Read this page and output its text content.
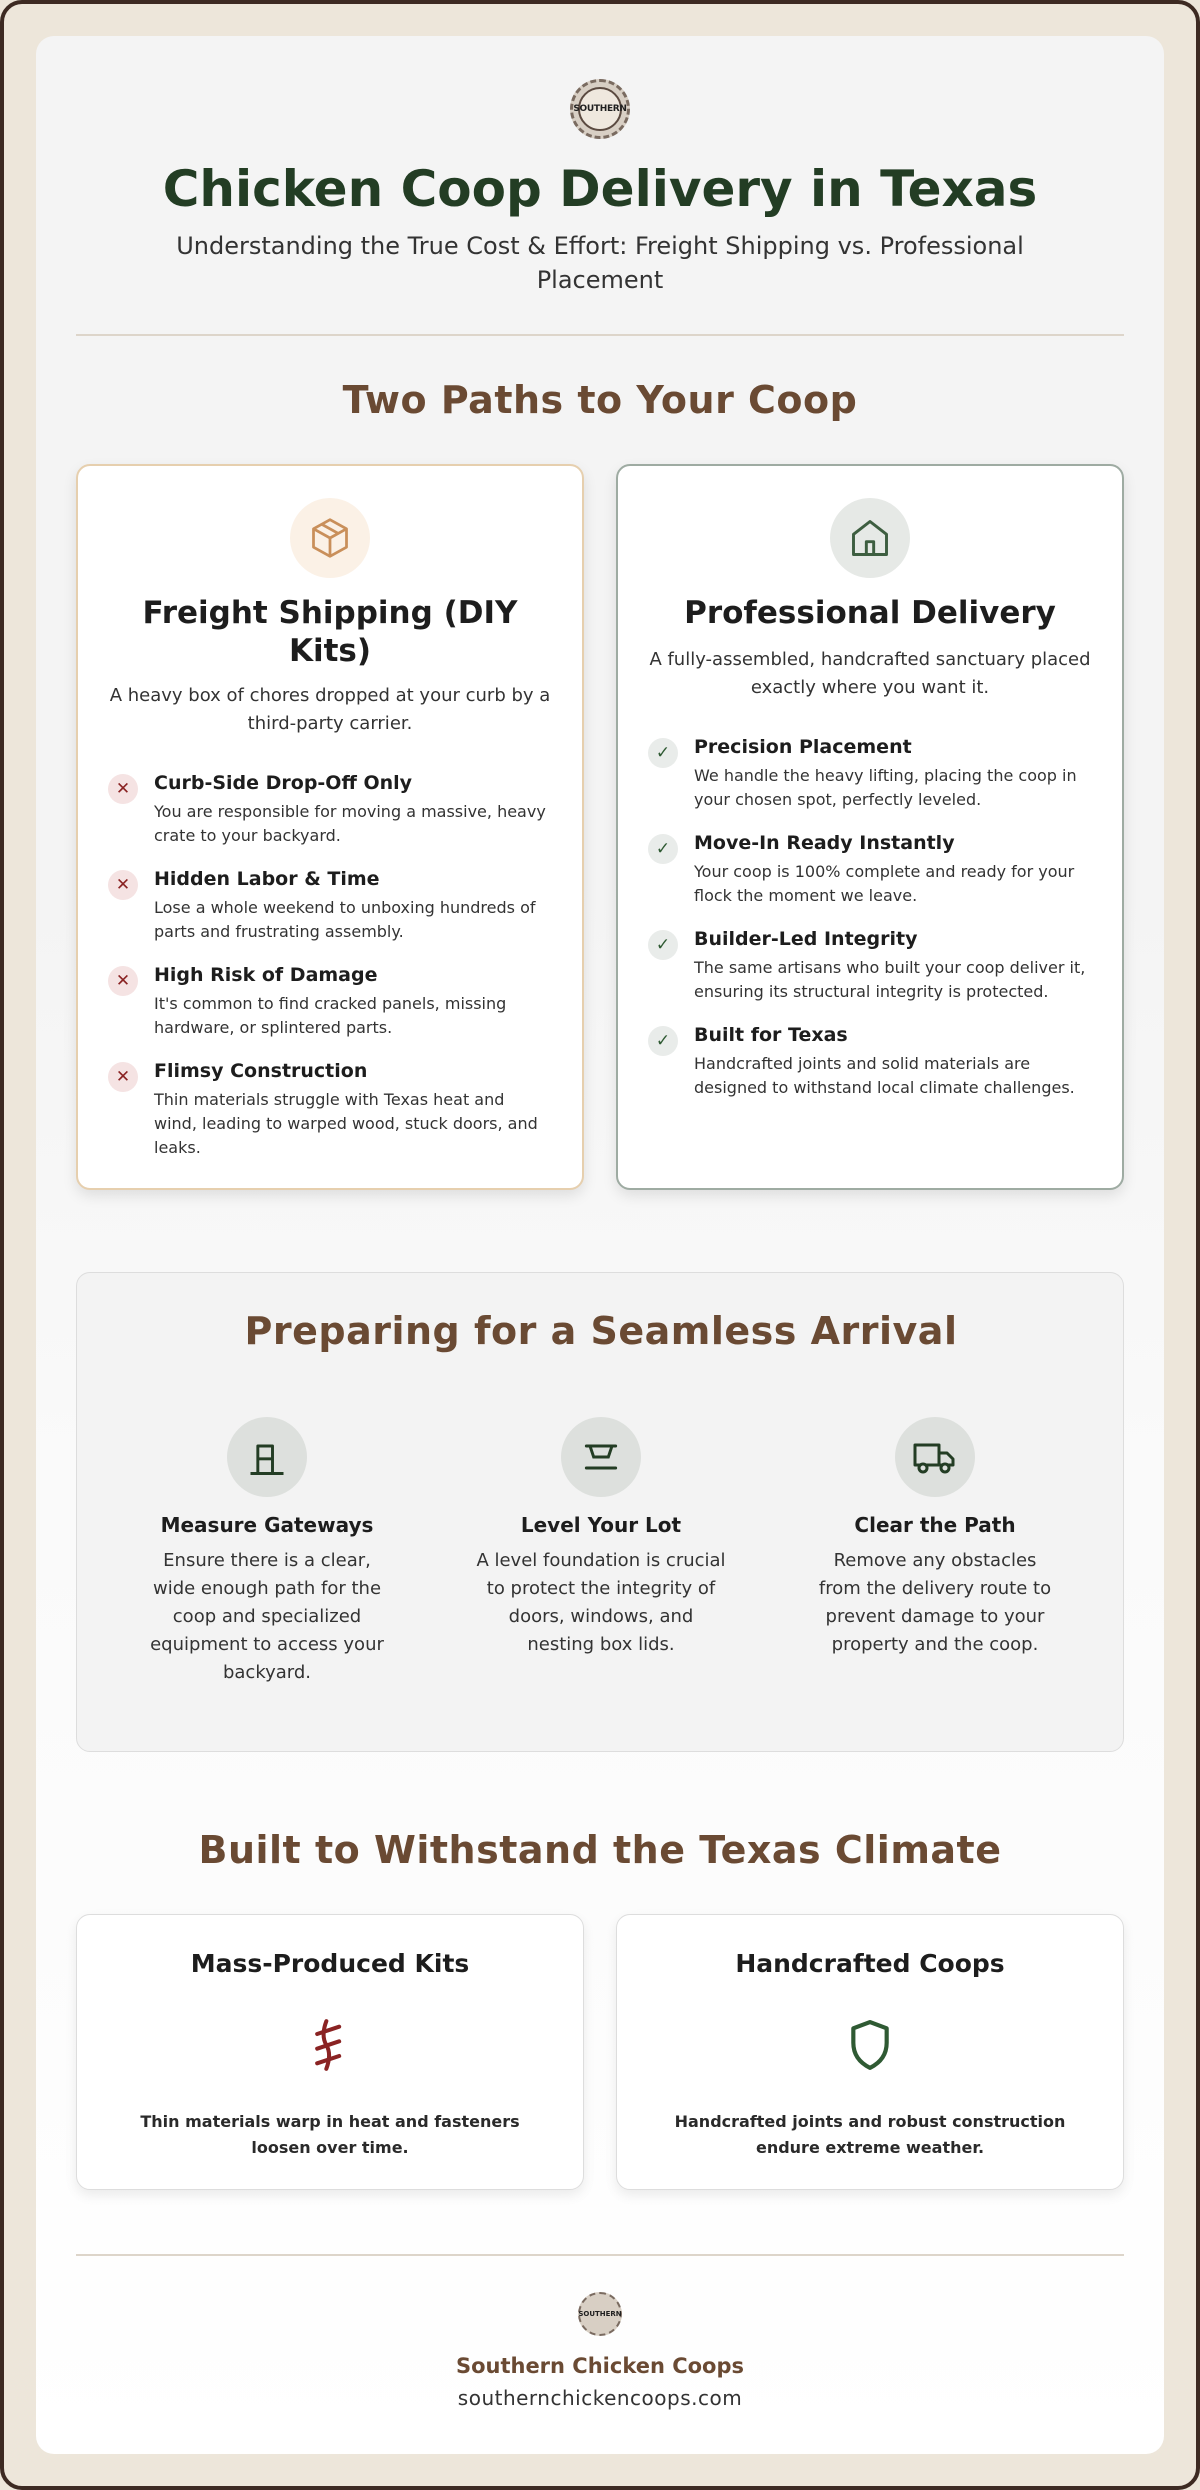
SOUTHERN
Chicken Coop Delivery in Texas

Understanding the True Cost & Effort: Freight Shipping vs. Professional Placement

Two Paths to Your Coop
Freight Shipping (DIY Kits)

A heavy box of chores dropped at your curb by a third-party carrier.

✕	Curb-Side Drop-Off Only
You are responsible for moving a massive, heavy crate to your backyard.
✕	Hidden Labor & Time
Lose a whole weekend to unboxing hundreds of parts and frustrating assembly.
✕	High Risk of Damage
It's common to find cracked panels, missing hardware, or splintered parts.
✕	Flimsy Construction
Thin materials struggle with Texas heat and wind, leading to warped wood, stuck doors, and leaks.
Professional Delivery

A fully-assembled, handcrafted sanctuary placed exactly where you want it.

✓	Precision Placement
We handle the heavy lifting, placing the coop in your chosen spot, perfectly leveled.
✓	Move-In Ready Instantly
Your coop is 100% complete and ready for your flock the moment we leave.
✓	Builder-Led Integrity
The same artisans who built your coop deliver it, ensuring its structural integrity is protected.
✓	Built for Texas
Handcrafted joints and solid materials are designed to withstand local climate challenges.
Preparing for a Seamless Arrival
Measure Gateways
Ensure there is a clear, wide enough path for the coop and specialized equipment to access your backyard.
Level Your Lot
A level foundation is crucial to protect the integrity of doors, windows, and nesting box lids.
Clear the Path
Remove any obstacles from the delivery route to prevent damage to your property and the coop.
Built to Withstand the Texas Climate
Mass-Produced Kits
Thin materials warp in heat and fasteners loosen over time.
Handcrafted Coops
Handcrafted joints and robust construction endure extreme weather.
SOUTHERN
Southern Chicken Coops
southernchickencoops.com
